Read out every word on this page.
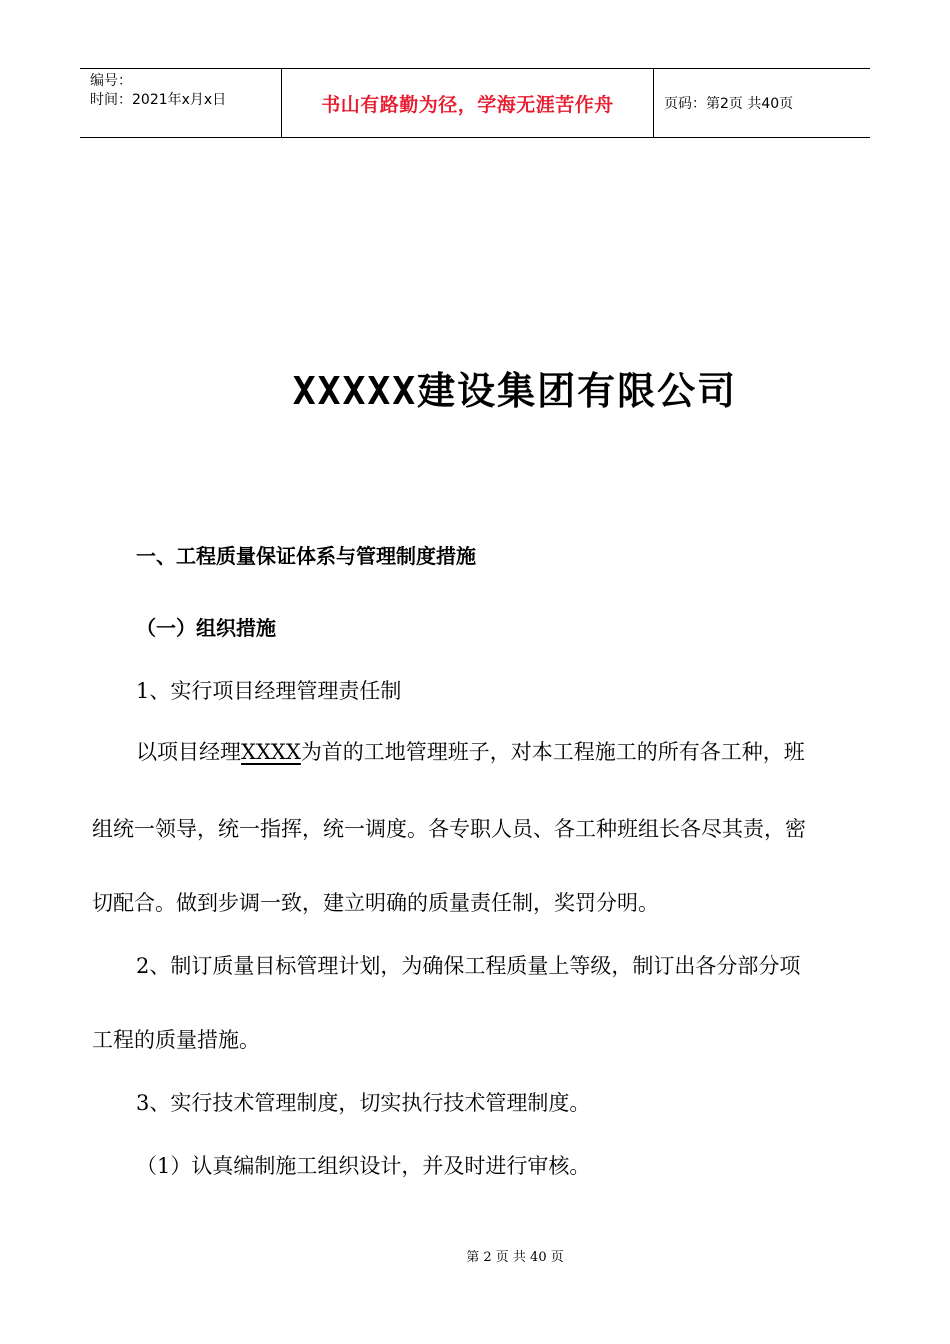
编号：
时间：2021年x月x日	书山有路勤为径，学海无涯苦作舟	页码：第2页 共40页
XXXXX建设集团有限公司
一、工程质量保证体系与管理制度措施
（一）组织措施
1、实行项目经理管理责任制
以项目经理XXXX为首的工地管理班子，对本工程施工的所有各工种，班
组统一领导，统一指挥，统一调度。各专职人员、各工种班组长各尽其责，密
切配合。做到步调一致，建立明确的质量责任制，奖罚分明。
2、制订质量目标管理计划，为确保工程质量上等级，制订出各分部分项
工程的质量措施。
3、实行技术管理制度，切实执行技术管理制度。
（1）认真编制施工组织设计，并及时进行审核。
第 2 页 共 40 页
